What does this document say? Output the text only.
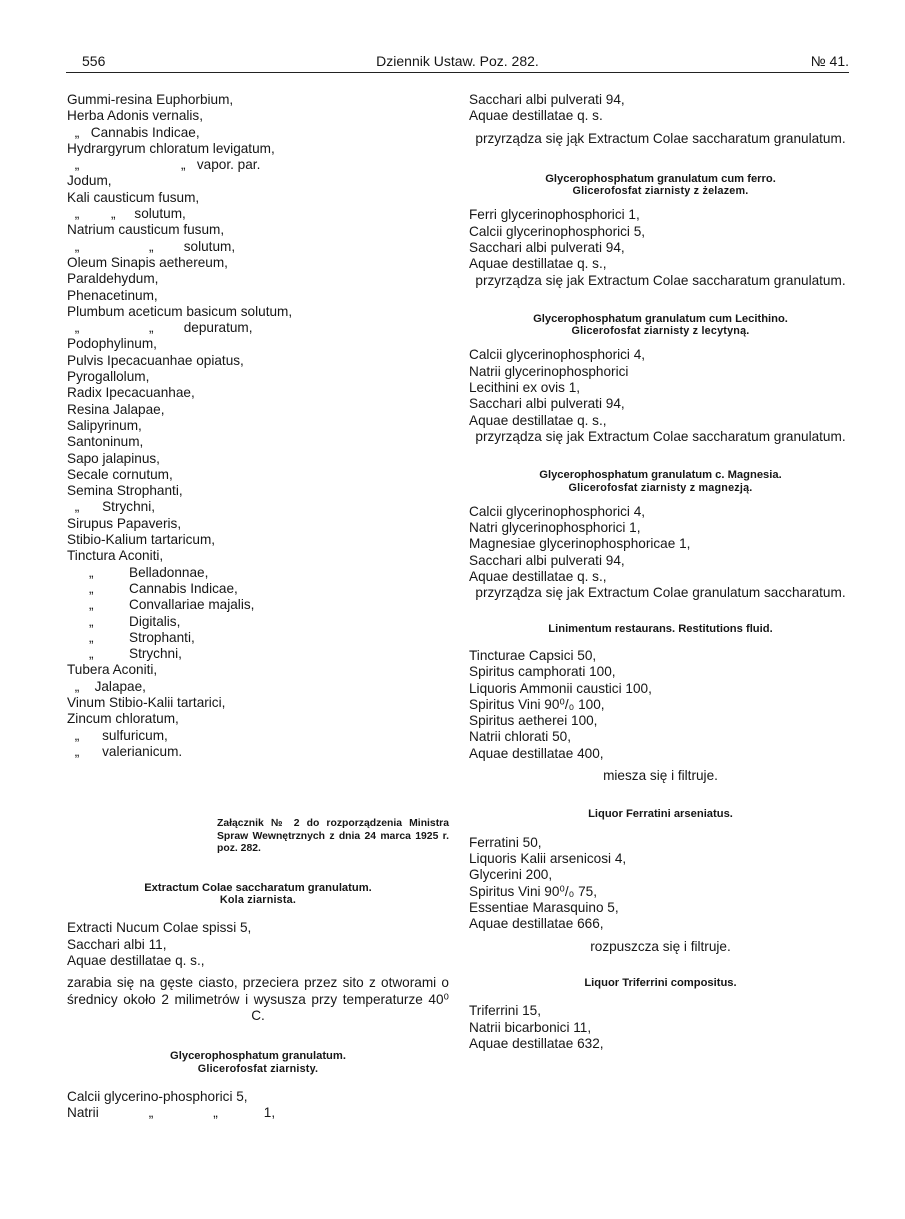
556	Dziennik Ustaw. Poz. 282.	№ 41.
Gummi-resina Euphorbium,
Herba Adonis vernalis,
„ Cannabis Indicae,
Hydrargyrum chloratum levigatum,
„	„ vapor. par.
Jodum,
Kali causticum fusum,
„ „ solutum,
Natrium causticum fusum,
„	„ solutum,
Oleum Sinapis aethereum,
Paraldehydum,
Phenacetinum,
Plumbum aceticum basicum solutum,
„	„ depuratum,
Podophylinum,
Pulvis Ipecacuanhae opiatus,
Pyrogallolum,
Radix Ipecacuanhae,
Resina Jalapae,
Salipyrinum,
Santoninum,
Sapo jalapinus,
Secale cornutum,
Semina Strophanti,
„ Strychni,
Sirupus Papaveris,
Stibio-Kalium tartaricum,
Tinctura Aconiti,
„	Belladonnae,
„	Cannabis Indicae,
„	Convallariae majalis,
„	Digitalis,
„	Strophanti,
„	Strychni,
Tubera Aconiti,
„ Jalapae,
Vinum Stibio-Kalii tartarici,
Zincum chloratum,
„ sulfuricum,
„ valerianicum.
Załącznik № 2 do rozporządzenia Ministra Spraw Wewnętrznych z dnia 24 marca 1925 r. poz. 282.
Extractum Colae saccharatum granulatum.
Kola ziarnista.
Extracti Nucum Colae spissi 5,
Sacchari albi 11,
Aquae destillatae q. s.,
zarabia się na gęste ciasto, przeciera przez sito z otworami o średnicy około 2 milimetrów i wysusza przy temperaturze 40⁰ C.
Glycerophosphatum granulatum.
Glicerofosfat ziarnisty.
Calcii glycerino-phosphorici 5,
Natrii	„	„	1,
Sacchari albi pulverati 94,
Aquae destillatae q. s.
przyrządza się jąk Extractum Colae saccharatum granulatum.
Glycerophosphatum granulatum cum ferro.
Glicerofosfat ziarnisty z żelazem.
Ferri glycerinophosphorici 1,
Calcii glycerinophosphorici 5,
Sacchari albi pulverati 94,
Aquae destillatae q. s.,
przyrządza się jak Extractum Colae saccharatum granulatum.
Glycerophosphatum granulatum cum Lecithino.
Glicerofosfat ziarnisty z lecytyną.
Calcii glycerinophosphorici 4,
Natrii glycerinophosphorici
Lecithini ex ovis 1,
Sacchari albi pulverati 94,
Aquae destillatae q. s.,
przyrządza się jak Extractum Colae saccharatum granulatum.
Glycerophosphatum granulatum c. Magnesia.
Glicerofosfat ziarnisty z magnezją.
Calcii glycerinophosphorici 4,
Natri glycerinophosphorici 1,
Magnesiae glycerinophosphoricae 1,
Sacchari albi pulverati 94,
Aquae destillatae q. s.,
przyrządza się jak Extractum Colae granulatum saccharatum.
Linimentum restaurans. Restitutions fluid.
Tincturae Capsici 50,
Spiritus camphorati 100,
Liquoris Ammonii caustici 100,
Spiritus Vini 90⁰/₀ 100,
Spiritus aetherei 100,
Natrii chlorati 50,
Aquae destillatae 400,
miesza się i filtruje.
Liquor Ferratini arseniatus.
Ferratini 50,
Liquoris Kalii arsenicosi 4,
Glycerini 200,
Spiritus Vini 90⁰/₀ 75,
Essentiae Marasquino 5,
Aquae destillatae 666,
rozpuszcza się i filtruje.
Liquor Triferrini compositus.
Triferrini 15,
Natrii bicarbonici 11,
Aquae destillatae 632,
